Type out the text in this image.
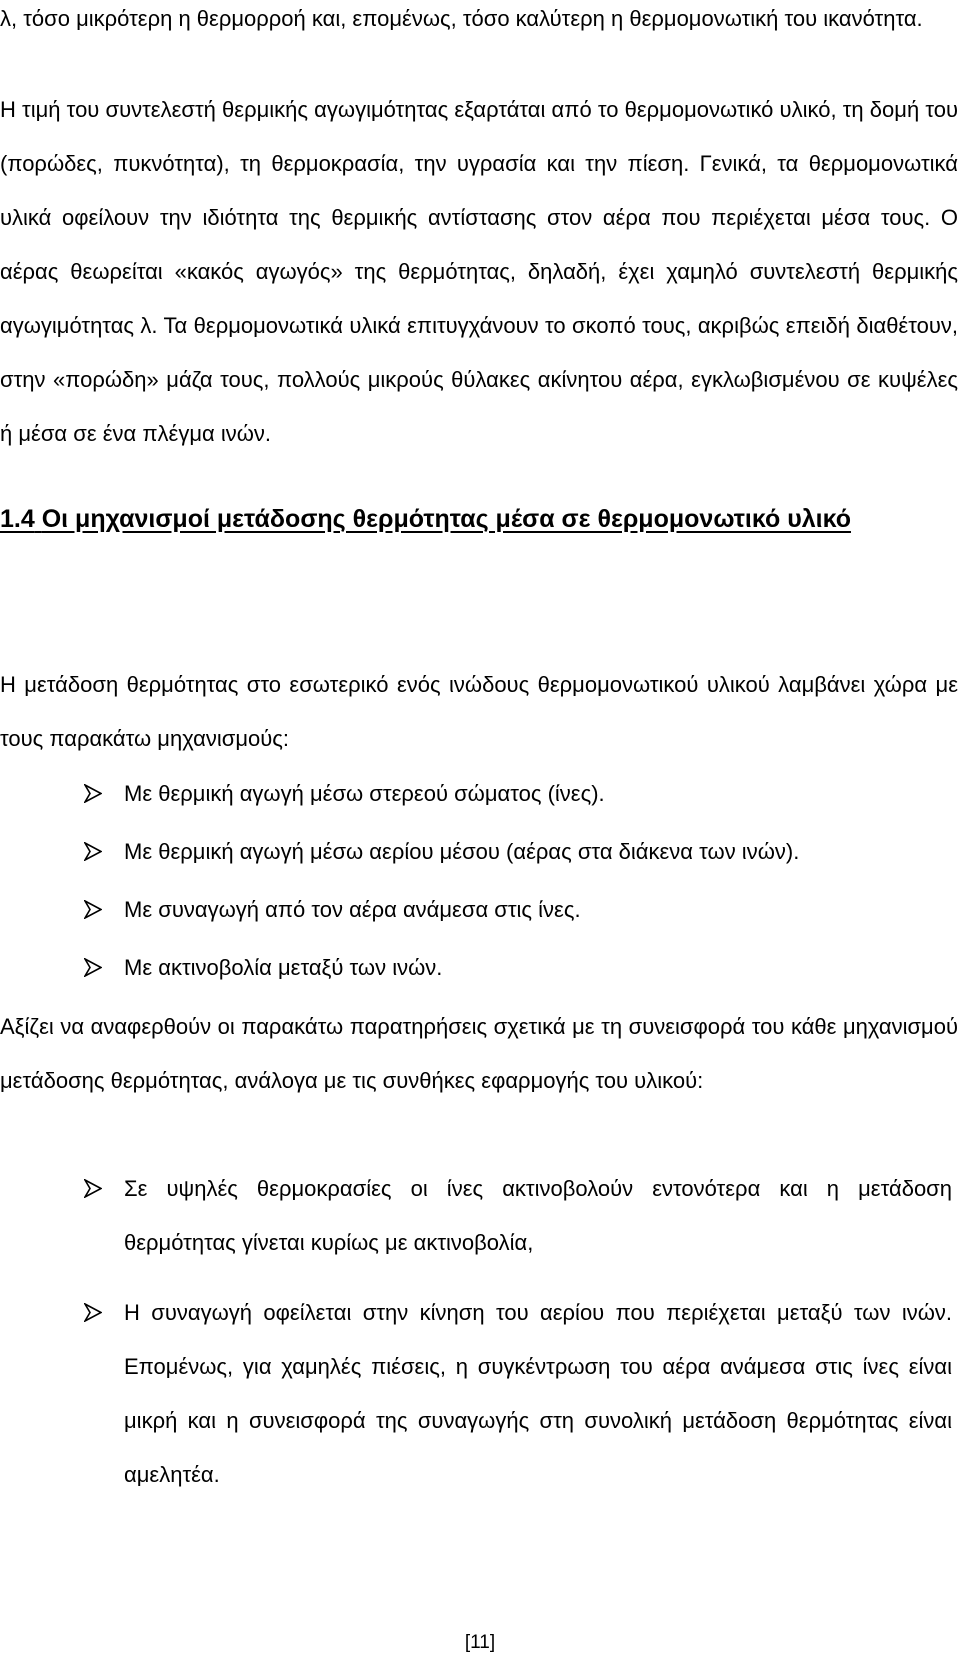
λ, τόσο μικρότερη η θερμορροή και, επομένως, τόσο καλύτερη η θερμομονωτική του ικανότητα.

Η τιμή του συντελεστή θερμικής αγωγιμότητας εξαρτάται από το θερμομονωτικό υλικό, τη δομή του (πορώδες, πυκνότητα), τη θερμοκρασία, την υγρασία και την πίεση. Γενικά, τα θερμομονωτικά υλικά οφείλουν την ιδιότητα της θερμικής αντίστασης στον αέρα που περιέχεται μέσα τους. Ο αέρας θεωρείται «κακός αγωγός» της θερμότητας, δηλαδή, έχει χαμηλό συντελεστή θερμικής αγωγιμότητας λ. Τα θερμομονωτικά υλικά επιτυγχάνουν το σκοπό τους, ακριβώς επειδή διαθέτουν, στην «πορώδη» μάζα τους, πολλούς μικρούς θύλακες ακίνητου αέρα, εγκλωβισμένου σε κυψέλες ή μέσα σε ένα πλέγμα ινών.

1.4 Οι μηχανισμοί μετάδοσης θερμότητας μέσα σε θερμομονωτικό υλικό

Η μετάδοση θερμότητας στο εσωτερικό ενός ινώδους θερμομονωτικού υλικού λαμβάνει χώρα με τους παρακάτω μηχανισμούς:

Με θερμική αγωγή μέσω στερεού σώματος (ίνες).
Με θερμική αγωγή μέσω αερίου μέσου (αέρας στα διάκενα των ινών).
Με συναγωγή από τον αέρα ανάμεσα στις ίνες.
Με ακτινοβολία μεταξύ των ινών.

Αξίζει να αναφερθούν οι παρακάτω παρατηρήσεις σχετικά με τη συνεισφορά του κάθε μηχανισμού μετάδοσης θερμότητας, ανάλογα με τις συνθήκες εφαρμογής του υλικού:

Σε υψηλές θερμοκρασίες οι ίνες ακτινοβολούν εντονότερα και η μετάδοση θερμότητας γίνεται κυρίως με ακτινοβολία,
Η συναγωγή οφείλεται στην κίνηση του αερίου που περιέχεται μεταξύ των ινών. Επομένως, για χαμηλές πιέσεις, η συγκέντρωση του αέρα ανάμεσα στις ίνες είναι μικρή και η συνεισφορά της συναγωγής στη συνολική μετάδοση θερμότητας είναι αμελητέα.
[11]
